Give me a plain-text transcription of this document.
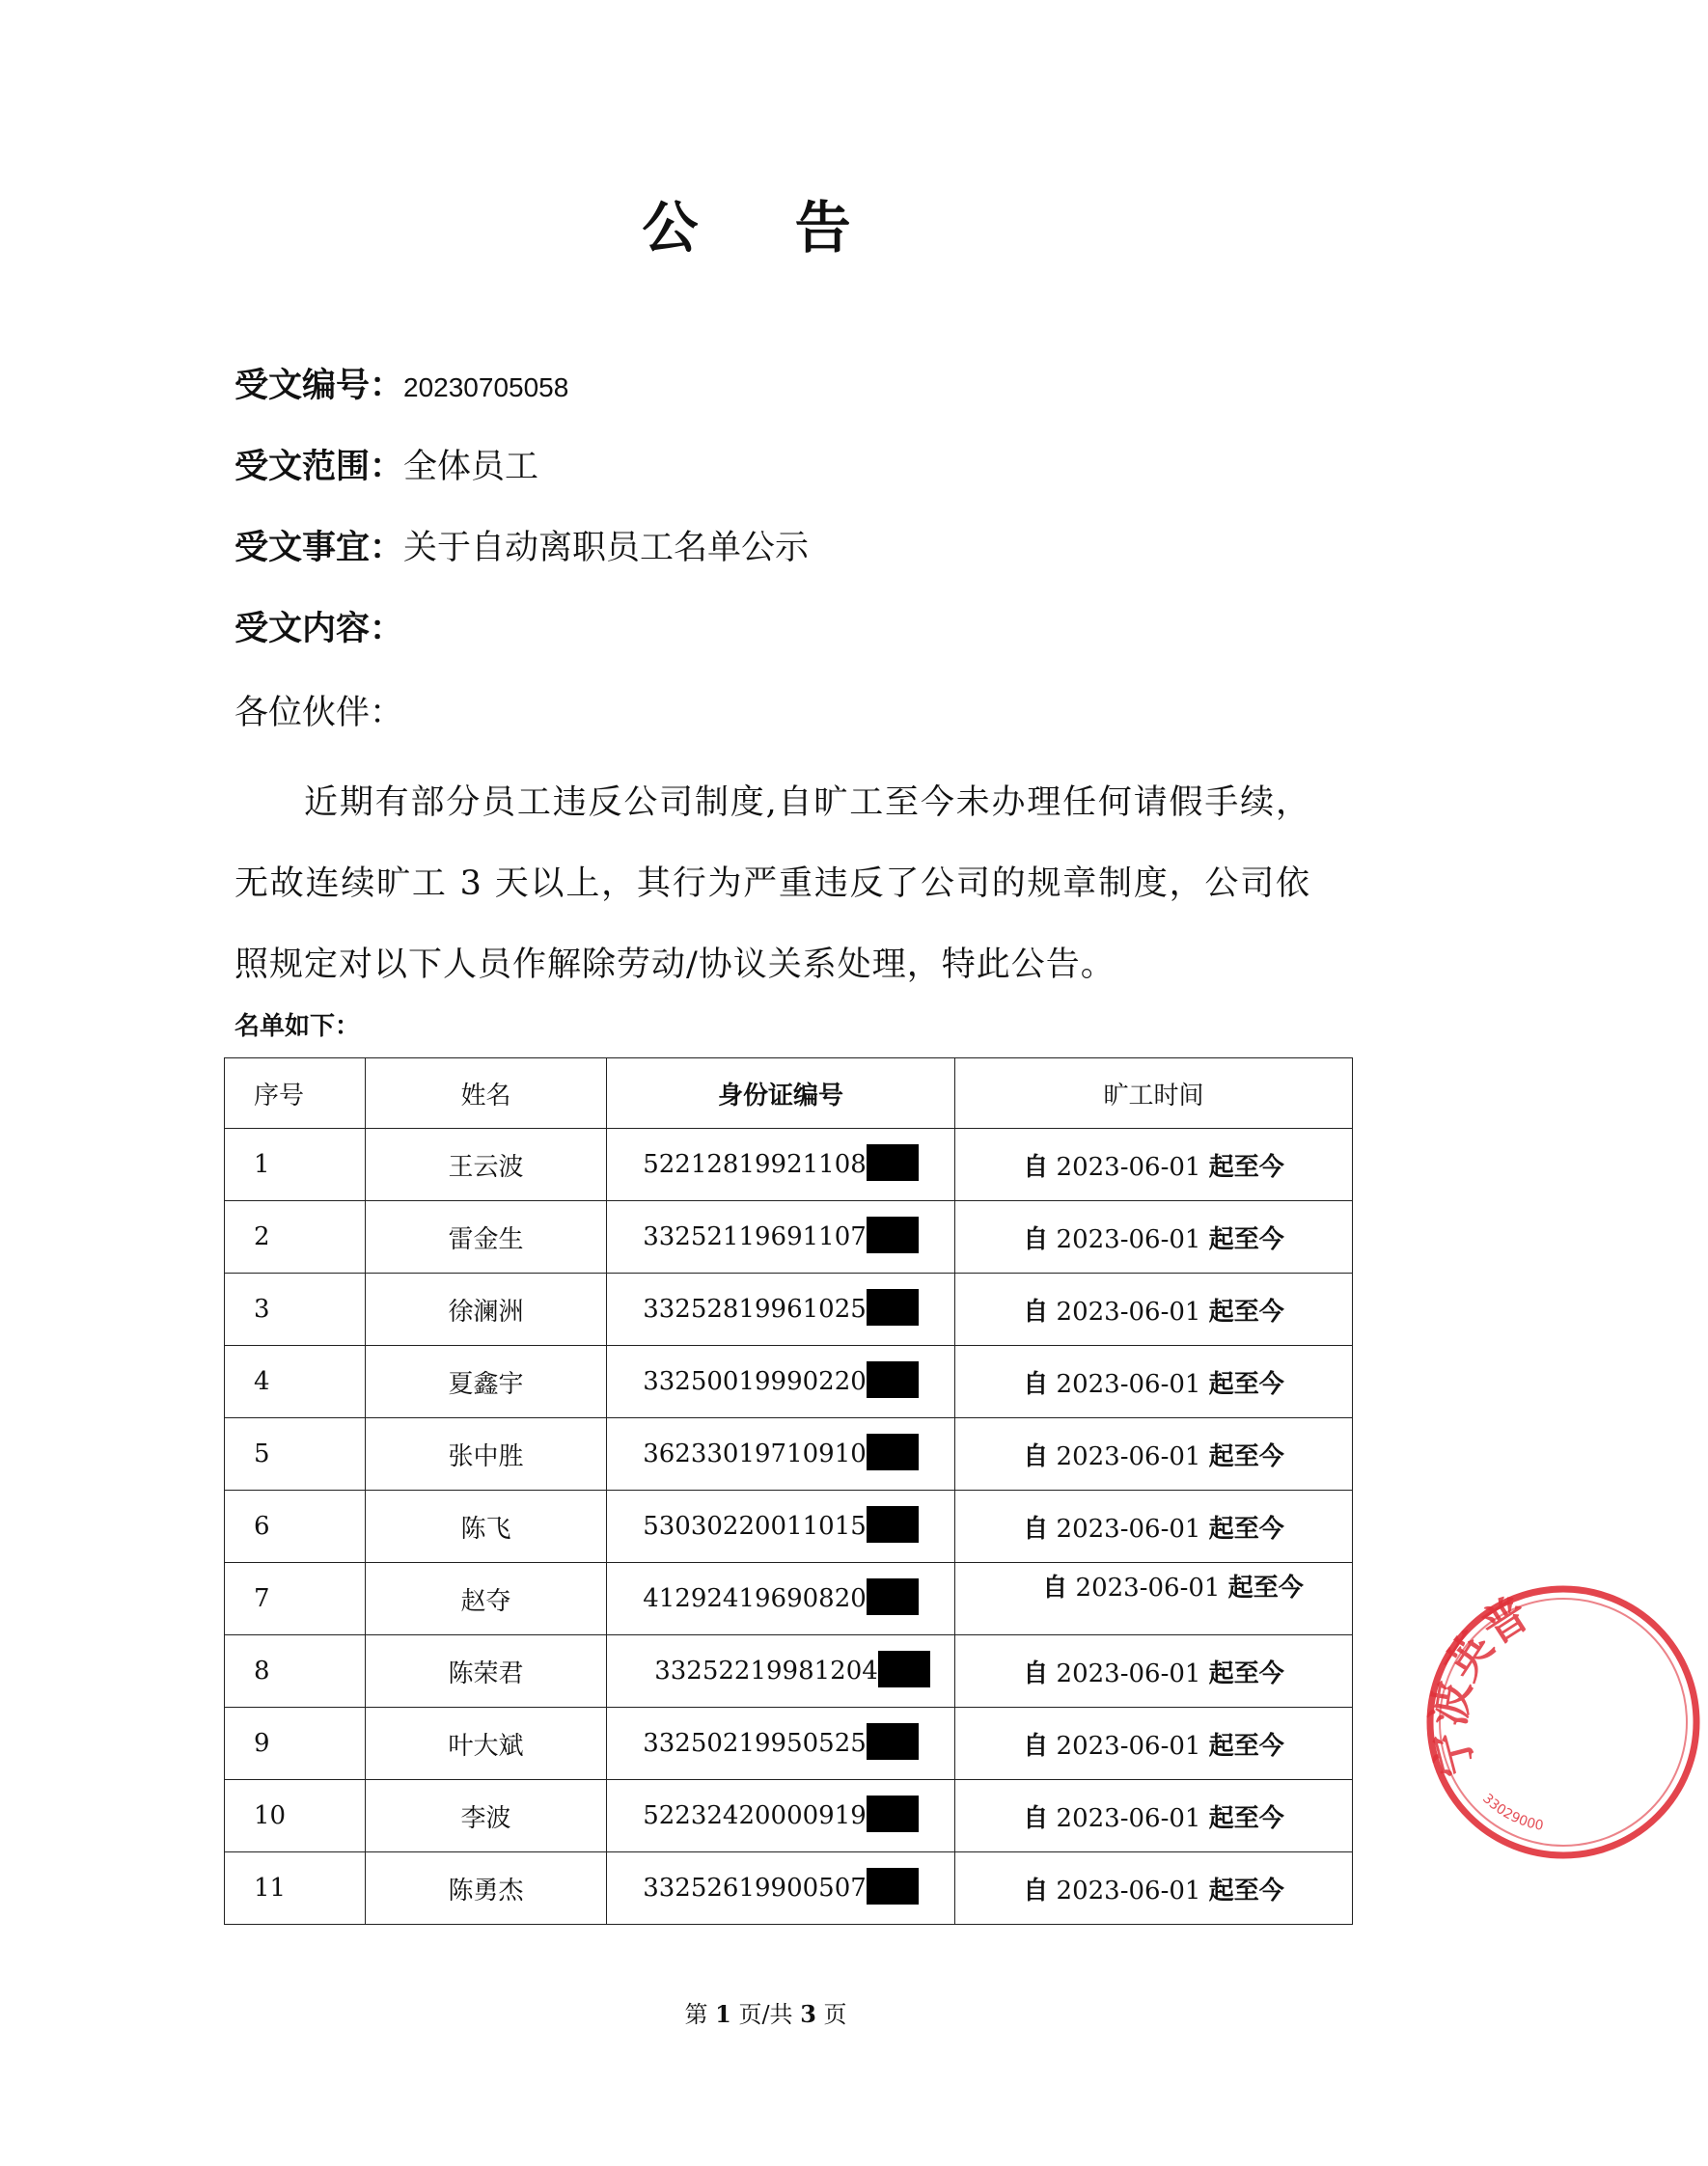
公 告
受文编号：20230705058
受文范围：全体员工
受文事宜：关于自动离职员工名单公示
受文内容：
各位伙伴：
近期有部分员工违反公司制度,自旷工至今未办理任何请假手续，无故连续旷工 3 天以上，其行为严重违反了公司的规章制度，公司依照规定对以下人员作解除劳动/协议关系处理，特此公告。
名单如下：
序号	姓名	身份证编号	旷工时间
1	王云波	52212819921108	自 2023-06-01 起至今
2	雷金生	33252119691107	自 2023-06-01 起至今
3	徐澜洲	33252819961025	自 2023-06-01 起至今
4	夏鑫宇	33250019990220	自 2023-06-01 起至今
5	张中胜	36233019710910	自 2023-06-01 起至今
6	陈飞	53030220011015	自 2023-06-01 起至今
7	赵夺	41292419690820	自 2023-06-01 起至今
8	陈荣君	33252219981204	自 2023-06-01 起至今
9	叶大斌	33250219950525	自 2023-06-01 起至今
10	李波	52232420000919	自 2023-06-01 起至今
11	陈勇杰	33252619900507	自 2023-06-01 起至今
第 1 页/共 3 页
宁波英普
33029000
